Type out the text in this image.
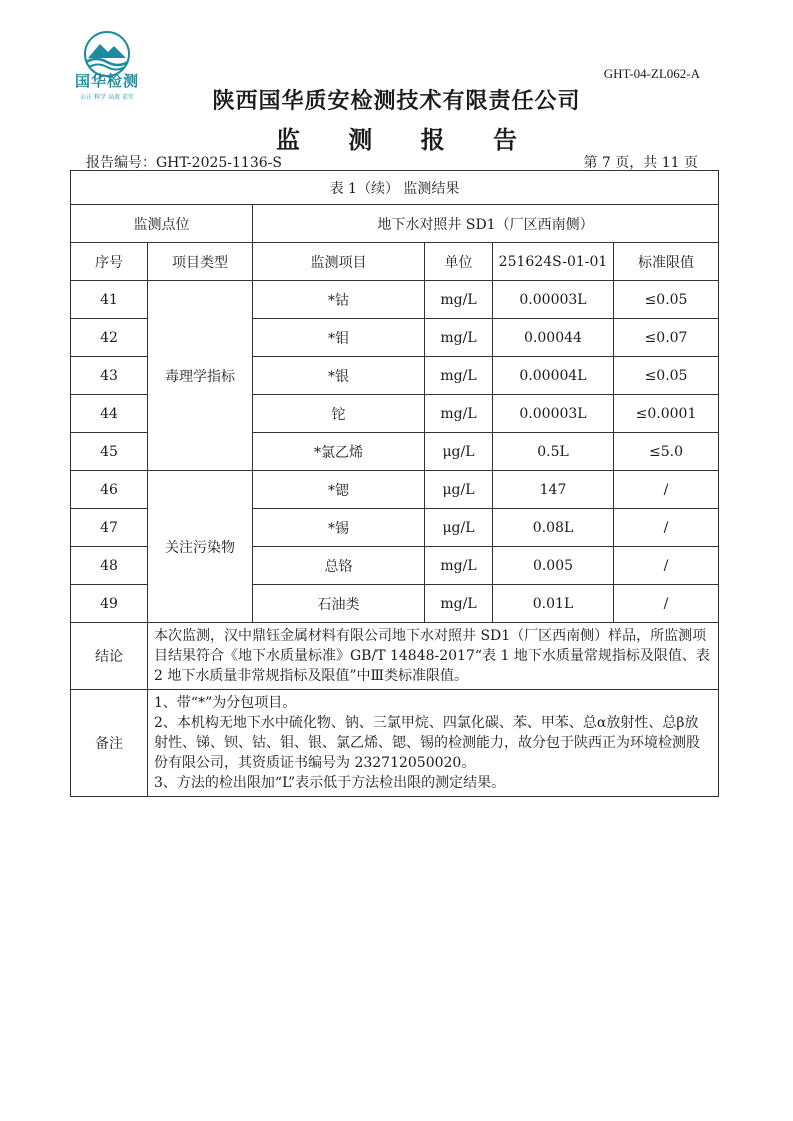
国华检测
公正 科学 高效 求实
GHT-04-ZL062-A
陕西国华质安检测技术有限责任公司
监 测 报 告
报告编号：GHT-2025-1136-S	第 7 页，共 11 页
表 1（续） 监测结果					
监测点位		地下水对照井 SD1（厂区西南侧）			
序号	项目类型	监测项目	单位	251624S-01-01	标准限值
41	毒理学指标	*钴	mg/L	0.00003L	≤0.05
42		*钼	mg/L	0.00044	≤0.07
43		*银	mg/L	0.00004L	≤0.05
44		铊	mg/L	0.00003L	≤0.0001
45		*氯乙烯	μg/L	0.5L	≤5.0
46	关注污染物	*锶	μg/L	147	/
47		*锡	μg/L	0.08L	/
48		总铬	mg/L	0.005	/
49		石油类	mg/L	0.01L	/
结论	本次监测，汉中鼎钰金属材料有限公司地下水对照井 SD1（厂区西南侧）样品，所监测项目结果符合《地下水质量标准》GB/T 14848-2017“表 1 地下水质量常规指标及限值、表 2 地下水质量非常规指标及限值”中Ⅲ类标准限值。				
备注	1、带“*”为分包项目。
2、本机构无地下水中硫化物、钠、三氯甲烷、四氯化碳、苯、甲苯、总α放射性、总β放射性、锑、钡、钴、钼、银、氯乙烯、锶、锡的检测能力，故分包于陕西正为环境检测股份有限公司，其资质证书编号为 232712050020。
3、方法的检出限加“L”表示低于方法检出限的测定结果。				
